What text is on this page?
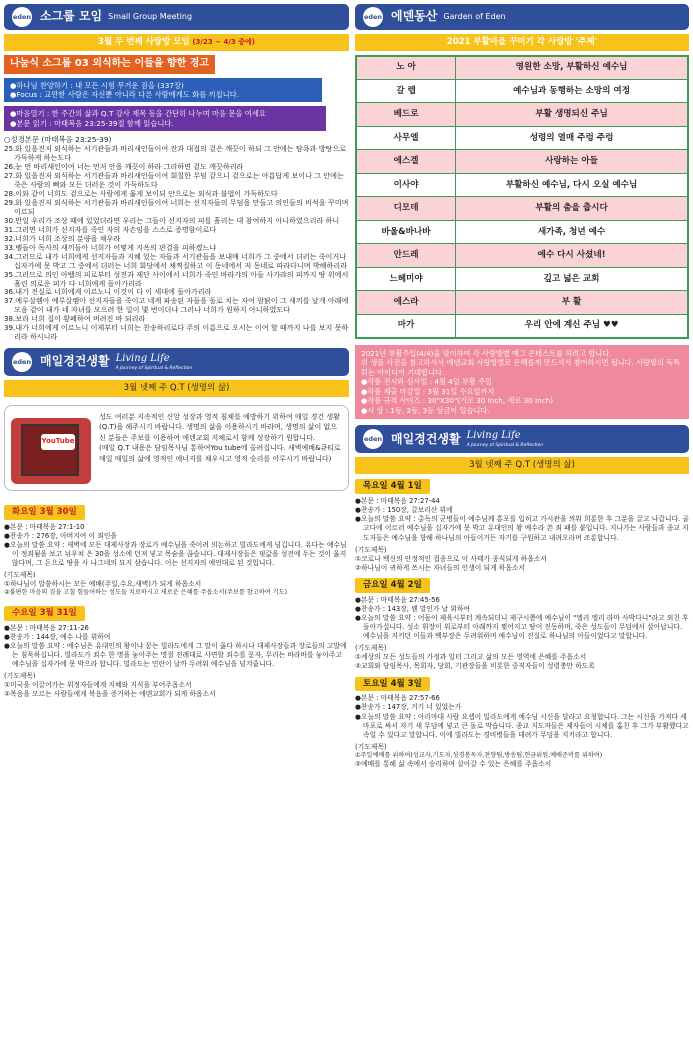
eden 소그룹 모임 Small Group Meeting
3월 두 번째 사랑방 모임 (3/23 ~ 4/3 중에)
나눔식 소그룹 03 외식하는 이들을 향한 경고
●하나님 찬양하기 : 내 모든 시험 무거운 짐을 (337장)
●Focus : 교만한 사람은 자신뿐 아니라 다른 사람에게도 화를 끼칩니다.
●마음열기 : 한 주간의 삶과 Q.T 감사 제목 등을 간단히 나누며 마음 문을 여세요
●본문 읽기 : 마태복음 23:25-39절 함께 읽습니다.
○성경본문 (마태복음 23:25-39)

25.화 있을진저 외식하는 서기관들과 바리새인들이여 잔과 대접의 겉은 깨끗이 하되 그 안에는 탐욕과 방탕으로 가득하게 하는도다

26.눈 먼 바리새인이여 너는 먼저 안을 깨끗이 하라 그리하면 겉도 깨끗하리라

27.화 있을진저 외식하는 서기관들과 바리새인들이여 회칠한 무덤 같으니 겉으로는 아름답게 보이나 그 안에는 죽은 사람의 뼈와 모든 더러운 것이 가득하도다

28.이와 같이 너희도 겉으로는 사람에게 옳게 보이되 안으로는 외식과 불법이 가득하도다

29.화 있을진저 외식하는 서기관들과 바리새인들이여 너희는 선지자들의 무덤을 만들고 의인들의 비석을 꾸미며 이르되

30.만일 우리가 조상 때에 있었더라면 우리는 그들이 선지자의 피를 흘리는 데 참여하지 아니하였으리라 하니

31.그러면 너희가 선지자를 죽인 자의 자손임을 스스로 증명함이로다

32.너희가 너희 조상의 분량을 채우라

33.뱀들아 독사의 새끼들아 너희가 어떻게 지옥의 판결을 피하겠느냐

34.그러므로 내가 너희에게 선지자들과 지혜 있는 자들과 서기관들을 보내매 너희가 그 중에서 더러는 죽이거나 십자가에 못 박고 그 중에서 더러는 너희 회당에서 채찍질하고 이 동네에서 저 동네로 따라다니며 박해하리라

35.그러므로 의인 아벨의 피로부터 성전과 제단 사이에서 너희가 죽인 바라갸의 아들 사가랴의 피까지 땅 위에서 흘린 의로운 피가 다 너희에게 돌아가리라

36.내가 진실로 너희에게 이르노니 이것이 다 이 세대에 돌아가리라

37.예루살렘아 예루살렘아 선지자들을 죽이고 네게 파송된 자들을 돌로 치는 자여 암탉이 그 새끼를 날개 아래에 모음 같이 내가 네 자녀를 모으려 한 일이 몇 번이더냐 그러나 너희가 원하지 아니하였도다

38.보라 너희 집이 황폐하여 버려진 바 되리라

39.내가 너희에게 이르노니 이제부터 너희는 찬송하리로다 주의 이름으로 오시는 이여 할 때까지 나를 보지 못하리라 하시니라

eden 매일경건생활 Living Life
A Journey of Spiritual & Reflection
3월 넷째 주 Q.T (생명의 삶)
YouTube

성도 여러분 지속적인 신앙 성장과 영적 침체를 예방하기 위하여 매일 경건 생활(Q.T)을 해주시기 바랍니다. 생명의 삶을 이용하시기 바라며, 생명의 삶이 없으신 분들은 주보를 이용하여 에덴교회 지체로서 함께 성장하기 원합니다.

(매일 Q.T 내용은 담임목사님 통하여You tube에 올려집니다. 새벽예배&큐티로 매일 매일의 삶에 영적인 에너지를 채우시고 영적 승리를 이루시기 바랍니다)

화요일 3월 30일

●본문 : 마태복음 27:1-10

●찬송가 : 276장, 아버지여 이 죄인을

●오늘의 말씀 요약 : 새벽에 모든 대제사장과 장로가 예수님을 죽이려 의논하고 빌라도에게 넘깁니다. 유다는 예수님이 정죄됨을 보고 뉘우쳐 은 30을 성소에 던져 넣고 목숨을 끊습니다. 대제사장들은 핏값을 성전에 두는 것이 옳지 않다며, 그 돈으로 땅을 사 나그네의 묘지 삼습니다. 이는 선지자의 예언대로 된 것입니다.

(기도제목)

①하나님이 말씀하시는 모든 예배(주일,수요,새벽)가 되게 하옵소서

②불편한 마음의 짐을 고칠 힘들어하는 성도들 치료하시고 새로운 은혜를 주옵소서(주보를 참고하여 기도)

수요일 3월 31일

●본문 : 마태복음 27:11-26

●찬송가 : 144장, 예수 나를 위하여

●오늘의 말씀 요약 : 예수님은 유대인의 왕이냐 묻는 빌라도에게 그 말이 옳다 하시나 대제사장들과 장로들의 고발에는 침묵하십니다. 빌라도가 죄수 한 명을 놓아주는 명절 전례대로 사면할 죄수를 묻자, 무리는 바라바를 놓아주고 예수님을 십자가에 못 박으라 합니다. 빌라도는 민란이 날까 두려워 예수님을 넘겨줍니다.

(기도제목)

①미국을 이끌어가는 위정자들에게 지혜와 지식을 부어주옵소서

②복음을 모르는 사람들에게 복음을 증거하는 에덴교회가 되게 하옵소서

eden 에덴동산 Garden of Eden
2021 부활마을 꾸미기 각 사랑방 '주제'
노 아	영원한 소망, 부활하신 예수님
갈 렙	예수님과 동행하는 소망의 여정
베드로	부활 생명되신 주님
사무엘	성령의 열매 주렁 주렁
에스겔	사랑하는 아들
이사야	부활하신 예수님, 다시 오실 예수님
디모데	부활의 춤을 춥시다
바울&바나바	새가족, 청년 예수
안드레	예수 다시 사셨네!
느헤미야	깊고 넓은 교회
에스라	부 활
마가	우리 안에 계신 주님 ♥♥
2021년 부활주일(4/4)을 맞이하여 각 사랑방별 예그 콘테스트를 하려고 합니다.
위 생플 사진을 참고하셔서 에덴교회 사랑방별로 은혜롭게 만드셔서 참여하시면 됩니다. 사랑방의 독특 튀는 아이디어 기대합니다.
●작품 전시와 심사일 : 4월 4일 부활 주일
●작품 제출 마감일 : 3월 31일 수요일까지
●작품 규격 사이즈 : 30"X30"(가로 30 Inch, 세로 30 Inch)
●시 상 : 1등, 2등, 3등 상금이 있습니다.
eden 매일경건생활 Living Life
A Journey of Spiritual & Reflection
3월 넷째 주 Q.T (생명의 삶)
목요일 4월 1일

●본문 : 마태복음 27:27-44

●찬송가 : 150장, 갈보리산 위에

●오늘의 말씀 요약 : 총독의 군병들이 예수님께 홍포를 입히고 가시관을 씌워 희롱한 후 그분을 끌고 나갑니다. 골고다에 이르러 예수님을 십자가에 못 박고 유대인의 왕 예수라 쓴 죄 패를 붙입니다. 지나가는 사람들과 종교 지도자들은 예수님을 향해 하나님의 아들이거든 자기를 구원하고 내려오라며 조롱합니다.

(기도제목)

①코로나 백신의 안정적인 접종으로 이 사태가 종식되게 하옵소서

②하나님이 귀하게 쓰시는 자녀들의 인생이 되게 하옵소서

금요일 4월 2일

●본문 : 마태복음 27:45-56

●찬송가 : 143장, 웬 말인가 날 위하여

●오늘의 말씀 요약 : 어둠이 제육시부터 계속되더니 제구시쯤에 예수님이 "엘리 엘리 라마 사박다니"라고 외친 후 돌아가십니다. 성소 휘장이 위로부터 아래까지 찢어지고 땅이 진동하며, 죽은 성도들이 무덤에서 살아납니다. 예수님을 지키던 이들과 백부장은 두려워하며 예수님이 진실로 하나님의 아들이었다고 말합니다.

(기도제목)

①세상의 모든 성도들의 가정과 일터 그리고 삶의 모든 영역에 은혜를 주옵소서

②교회와 담임목사, 목회자, 당회, 기관장들을 비롯한 중직자들이 성령충만 하도록

토요일 4월 3일

●본문 : 마태복음 27:57-66

●찬송가 : 147장, 거기 너 있었는가

●오늘의 말씀 요약 : 아리마대 사람 요셉이 빌라도에게 예수님 시신을 달라고 요청합니다. 그는 시신을 가져다 세마포로 싸서 자기 새 무덤에 넣고 큰 돌로 막습니다. 종교 지도자들은 제자들이 시체를 훔친 후 그가 부활했다고 속일 수 있다고 말합니다. 이에 빌라도는 경비병들을 데려가 무덤을 지키라고 합니다.

(기도제목)

①주일예배를 위하여(성교자,기도자,성경봉독자,찬양팀,방송팀,헌금위원,예배준비를 위하여)

②예배를 통해 삶 속에서 승리하며 살아갈 수 있는 은혜를 주옵소서
